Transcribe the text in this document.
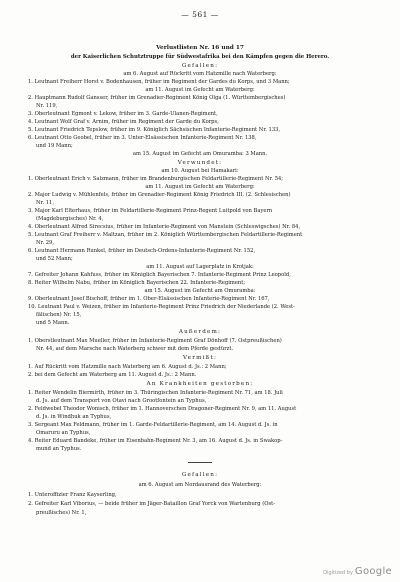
— 561 —
Verlustlisten Nr. 16 und 17
der Kaiserlichen Schutztruppe für Südwestafrika bei den Kämpfen gegen die Herero.
Gefallen:
am 6. August auf Rückritt vom Hatzmille nach Waterberg:
1. Leutnant Freiherr Horst v. Bodenhausen, früher im Regiment der Gardes du Korps, und 3 Mann;
am 11. August im Gefecht am Waterberg:
2. Hauptmann Rudolf Gansser, früher im Grenadier-Regiment König Olga (1. Württembergisches)
Nr. 119,
3. Oberleutnant Egmont v. Lekow, früher im 3. Garde-Ulanen-Regiment,
4. Leutnant Wolf Graf v. Arnim, früher im Regiment der Garde du Korps,
5. Leutnant Friedrich Tepslow, früher im 9. Königlich Sächsischen Infanterie-Regiment Nr. 133,
6. Leutnant Otto Geobel, früher im 3. Unter-Elsässischen Infanterie-Regiment Nr. 138,
und 19 Mann;
am 15. August im Gefecht am Omuramba: 3 Mann.
Verwundet:
am 10. August bei Hamakari:
1. Oberleutnant Erich v. Salzmann, früher im Brandenburgischen Feldartillerie-Regiment Nr. 54;
am 11. August im Gefecht am Waterberg:
2. Major Ludwig v. Mühlenfels, früher im Grenadier-Regiment König Friedrich III. (2. Schlesischen)
Nr. 11,
3. Major Karl Elterhaus, früher im Feldartillerie-Regiment Prinz-Regent Luitpold von Bayern
(Magdeburgisches) Nr. 4,
4. Oberleutnant Alfred Sirecsius, früher im Infanterie-Regiment von Manstein (Schleswigsches) Nr. 84,
5. Leutnant Graf Freiherr v. Maltzan, früher im 2. Königlich Württembergischen Feldartillerie-Regiment
Nr. 29,
6. Leutnant Hermann Runkel, früher im Deutsch-Ordens-Infanterie-Regiment Nr. 152,
und 52 Mann;
am 11. August auf Lagerplatz in Krotjak:
7. Gefreiter Johann Kahfuss, früher im Königlich Bayerischen 7. Infanterie-Regiment Prinz Leopold,
8. Reiter Wilhelm Nabu, früher im Königlich Bayerischen 22. Infanterie-Regiment;
am 15. August im Gefecht am Omuramba:
9. Oberleutnant Josef Bischoff, früher im 1. Ober-Elsässischen Infanterie-Regiment Nr. 167,
10. Leutnant Paul v. Weizen, früher im Infanterie-Regiment Prinz Friedrich der Niederlande (2. West-
fälischen) Nr. 15,
und 5 Mann.
Außerdem:
1. Oberstleutnant Max Mueller, früher im Infanterie-Regiment Graf Dönhoff (7. Ostpreußischen)
Nr. 44, auf dem Marsche nach Waterberg schwer mit dem Pferde gestürzt.
Vermißt:
1. Auf Rückritt vom Hatzmille nach Waterberg am 6. August d. Js.: 2 Mann;
2. bei dem Gefecht am Waterberg am 11. August d. Js.: 2 Mann.
An Krankheiten gestorben:
1. Reiter Wendelin Biermirth, früher im 3. Thüringischen Infanterie-Regiment Nr. 71, am 18. Juli
d. Js. auf dem Transport von Otavi nach Grootfontein an Typhus,
2. Feldwebel Theodor Wonisch, früher im 1. Hannoverschen Dragoner-Regiment Nr. 9, am 11. August
d. Js. in Windhuk an Typhus,
3. Sergeant Max Feldmann, früher im 1. Garde-Feldartillerie-Regiment, am 14. August d. Js. in
Omaruru an Typhus,
4. Reiter Eduard Bandeke, früher im Eisenbahn-Regiment Nr. 3, am 16. August d. Js. in Swakop-
mund an Typhus.
Gefallen:
am 6. August am Nordausrand des Waterberg:
1. Unteroffizier Franz Kayserling,
2. Gefreiter Karl Viborius, — beide früher im Jäger-Bataillon Graf Yorck von Wartenburg (Ost-
preußisches) Nr. 1,
Digitized by Google
